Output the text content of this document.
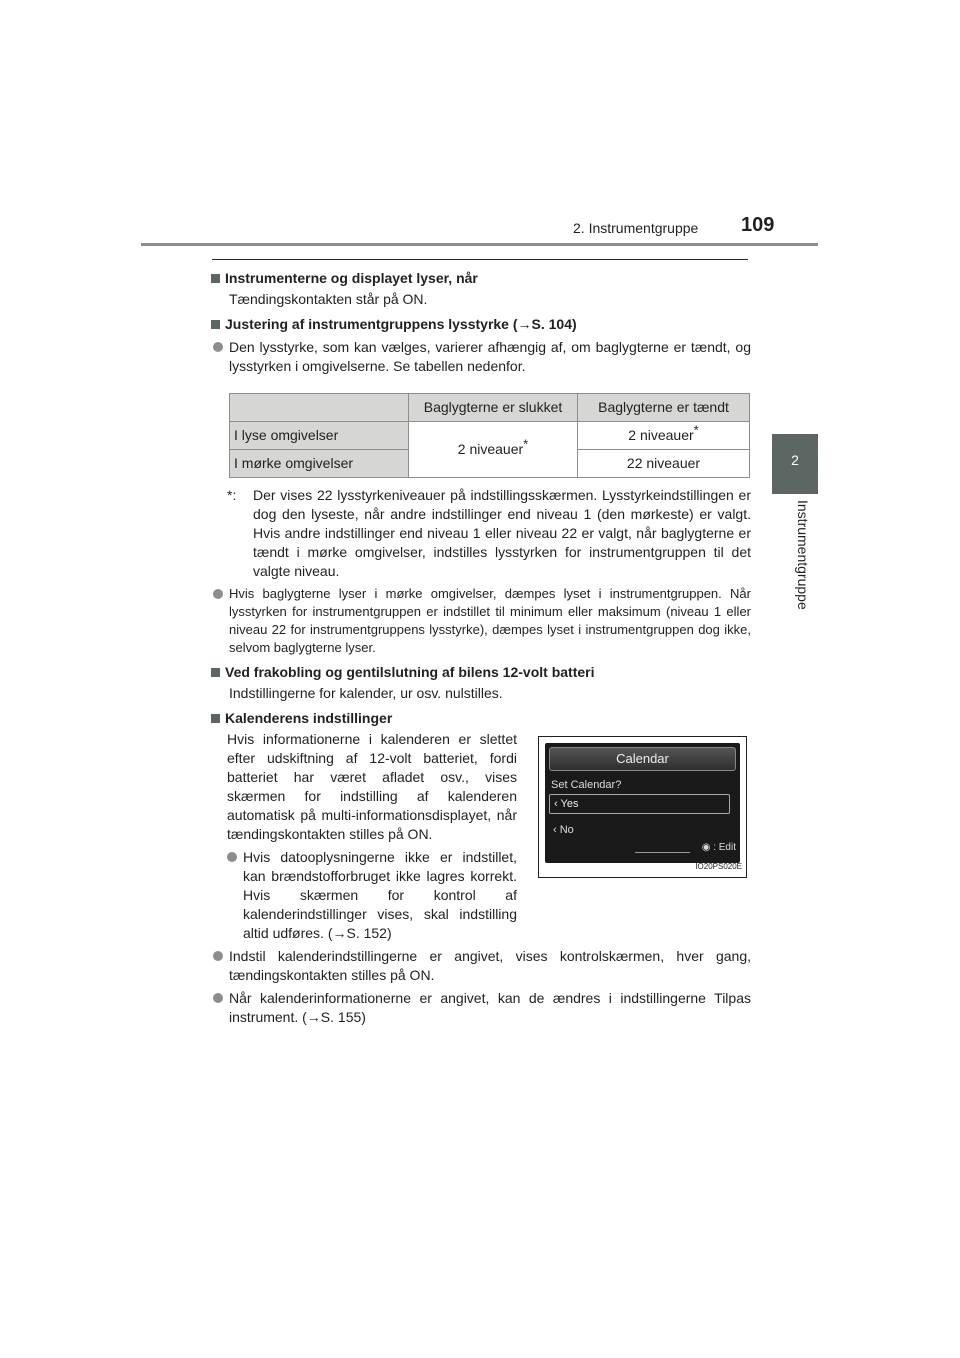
2. Instrumentgruppe 109
2
Instrumentgruppe
Instrumenterne og displayet lyser, når
Tændingskontakten står på ON.
Justering af instrumentgruppens lysstyrke (→S. 104)
Den lysstyrke, som kan vælges, varierer afhængig af, om baglygterne er tændt, og lysstyrken i omgivelserne. Se tabellen nedenfor.
	Baglygterne er slukket	Baglygterne er tændt
I lyse omgivelser	2 niveauer*	2 niveauer*
I mørke omgivelser		22 niveauer
*:	Der vises 22 lysstyrkeniveauer på indstillingsskærmen. Lysstyrkeindstillingen er dog den lyseste, når andre indstillinger end niveau 1 (den mørkeste) er valgt. Hvis andre indstillinger end niveau 1 eller niveau 22 er valgt, når baglygterne er tændt i mørke omgivelser, indstilles lysstyrken for instrumentgruppen til det valgte niveau.
Hvis baglygterne lyser i mørke omgivelser, dæmpes lyset i instrumentgruppen. Når lysstyrken for instrumentgruppen er indstillet til minimum eller maksimum (niveau 1 eller niveau 22 for instrumentgruppens lysstyrke), dæmpes lyset i instrumentgruppen dog ikke, selvom baglygterne lyser.
Ved frakobling og gentilslutning af bilens 12-volt batteri
Indstillingerne for kalender, ur osv. nulstilles.
Kalenderens indstillinger
Hvis informationerne i kalenderen er slettet efter udskiftning af 12-volt batteriet, fordi batteriet har været afladet osv., vises skærmen for indstilling af kalenderen automatisk på multi-informationsdisplayet, når tændingskontakten stilles på ON.
Hvis datooplysningerne ikke er indstillet, kan brændstofforbruget ikke lagres korrekt. Hvis skærmen for kontrol af kalenderindstillinger vises, skal indstilling altid udføres. (→S. 152)
Calendar
Set Calendar?
‹ Yes
‹ No
◉ : Edit
IO20PS020E
Indstil kalenderindstillingerne er angivet, vises kontrolskærmen, hver gang, tændingskontakten stilles på ON.
Når kalenderinformationerne er angivet, kan de ændres i indstillingerne Tilpas instrument. (→S. 155)
